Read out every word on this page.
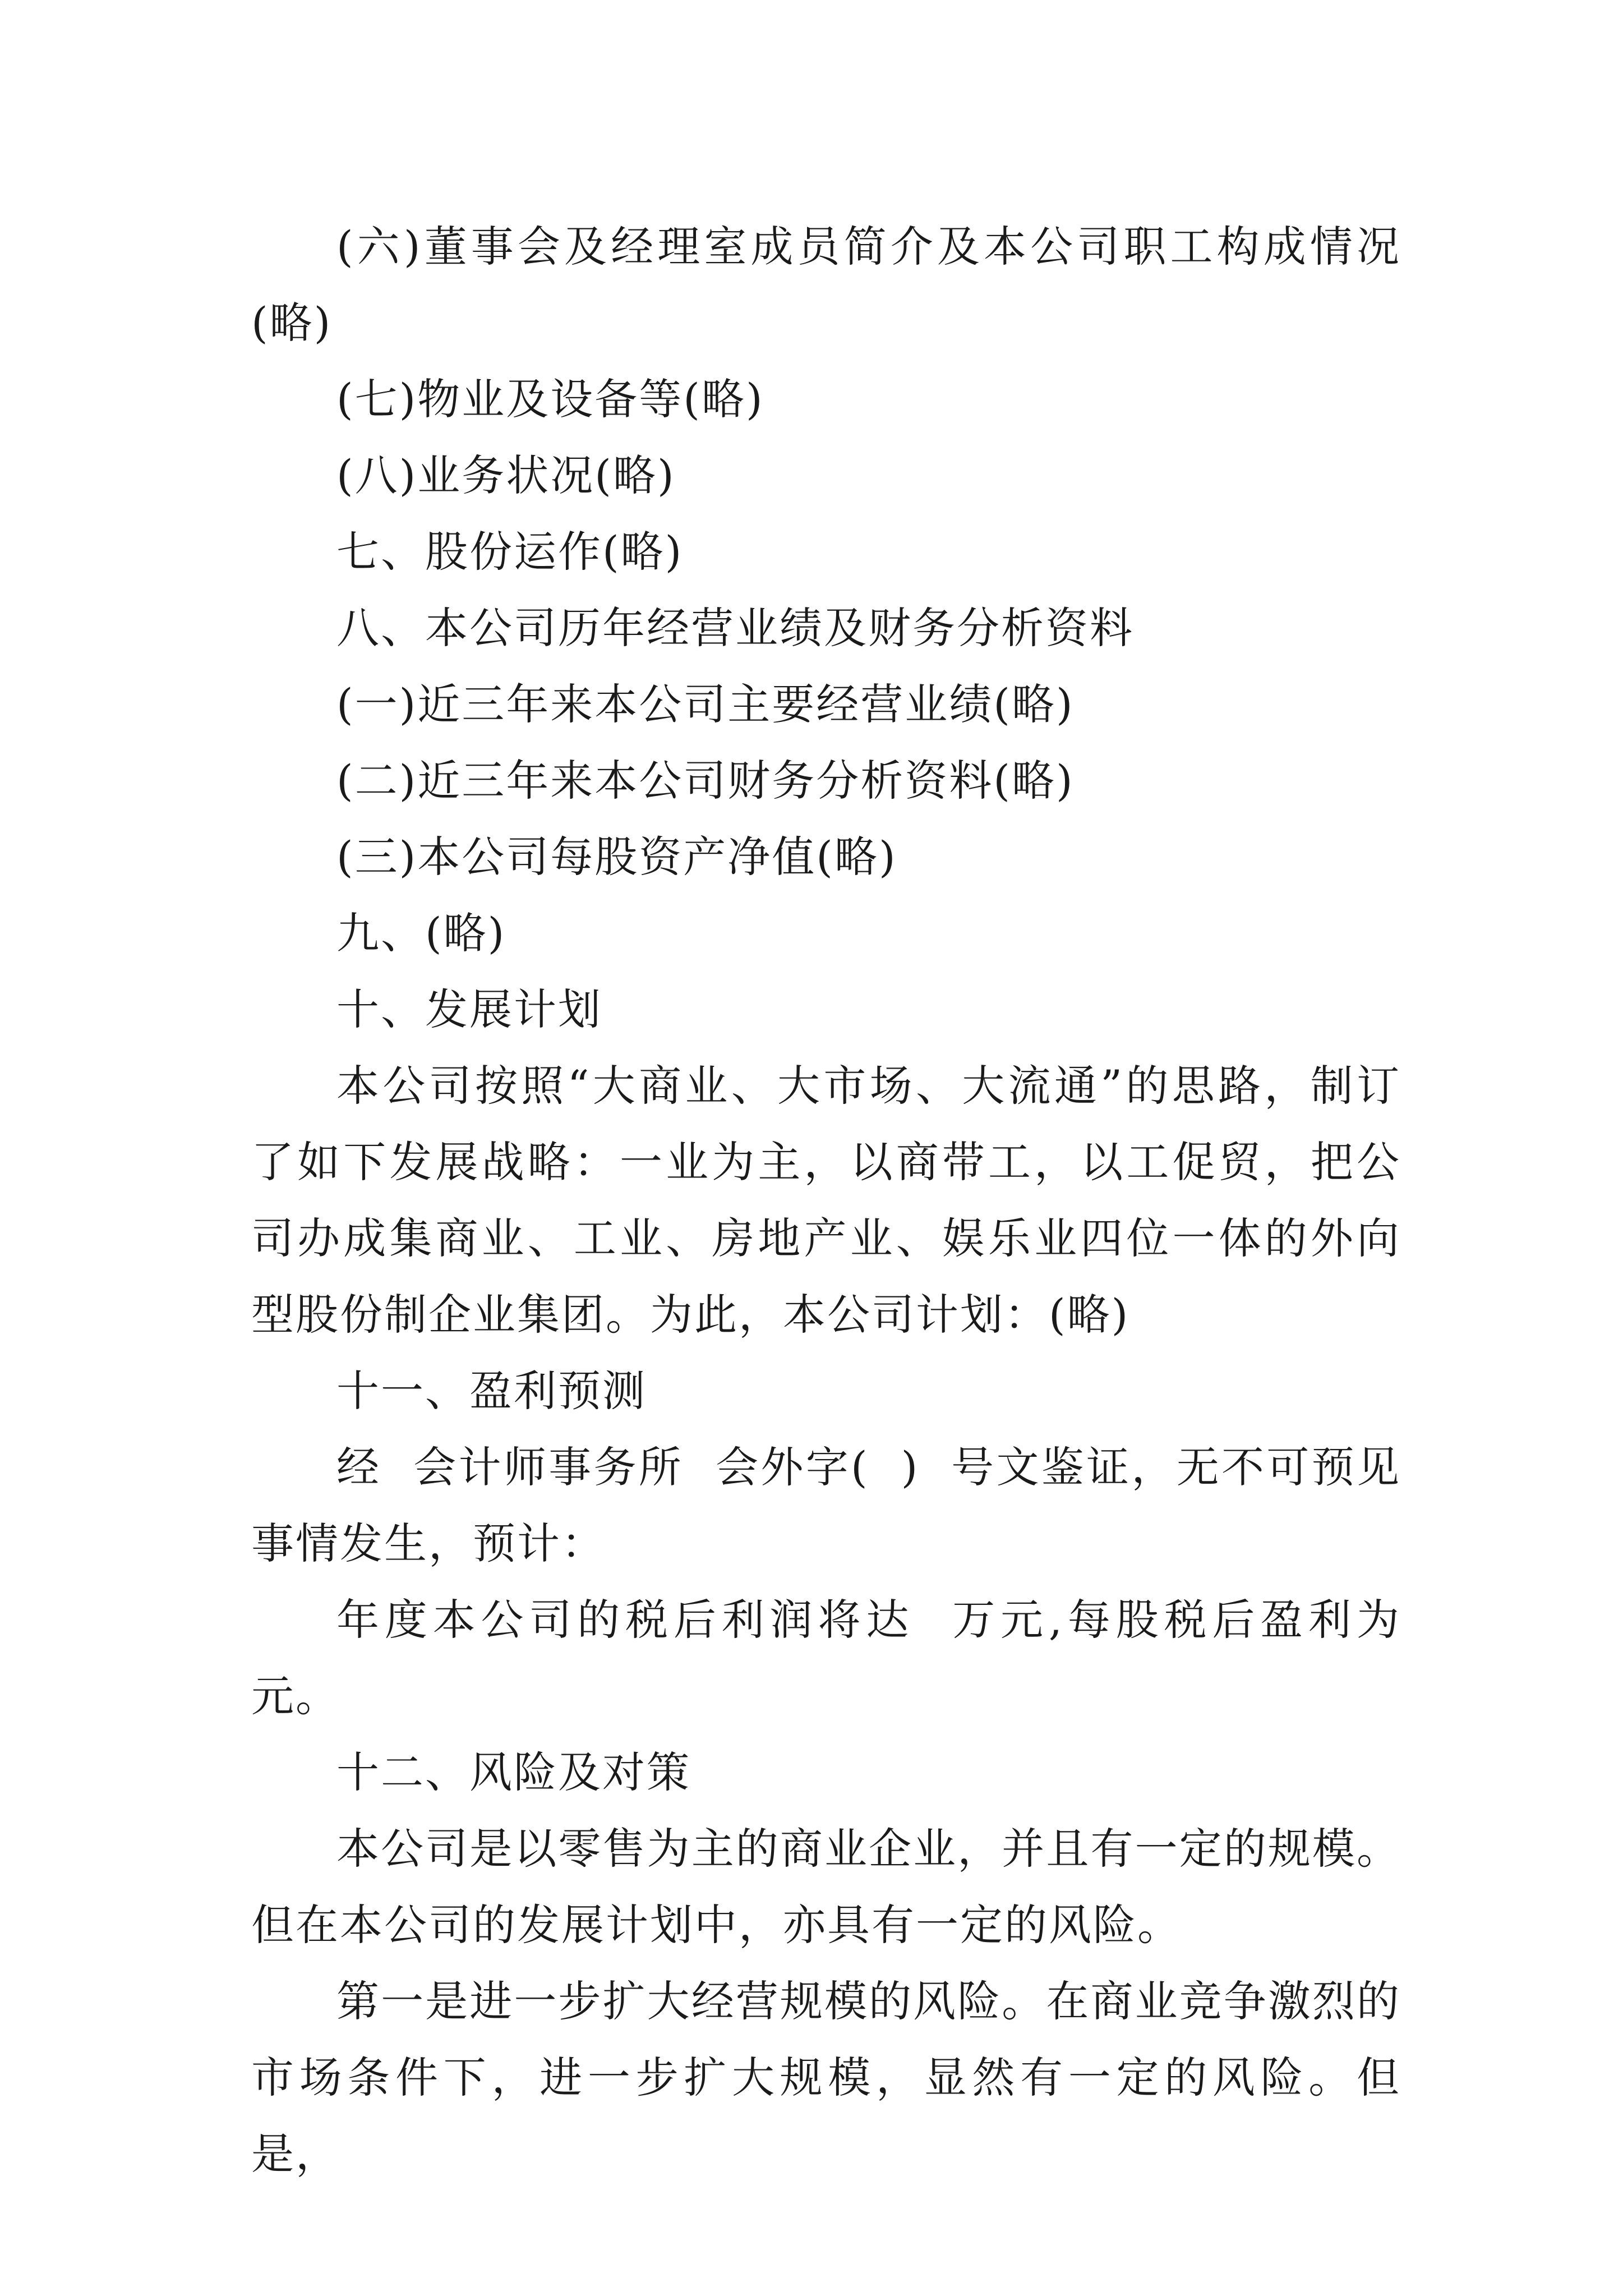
(六)董事会及经理室成员简介及本公司职工构成情况(略)

(七)物业及设备等(略)

(八)业务状况(略)

七、股份运作(略)

八、本公司历年经营业绩及财务分析资料

(一)近三年来本公司主要经营业绩(略)

(二)近三年来本公司财务分析资料(略)

(三)本公司每股资产净值(略)

九、(略)

十、发展计划

本公司按照“大商业、大市场、大流通”的思路，制订了如下发展战略：一业为主，以商带工，以工促贸，把公司办成集商业、工业、房地产业、娱乐业四位一体的外向型股份制企业集团。为此，本公司计划：(略)

十一、盈利预测

经  会计师事务所  会外字(  )  号文鉴证，无不可预见事情发生，预计：

年度本公司的税后利润将达  万元,每股税后盈利为  元。

十二、风险及对策

本公司是以零售为主的商业企业，并且有一定的规模。但在本公司的发展计划中，亦具有一定的风险。

第一是进一步扩大经营规模的风险。在商业竞争激烈的市场条件下，进一步扩大规模，显然有一定的风险。但是，
